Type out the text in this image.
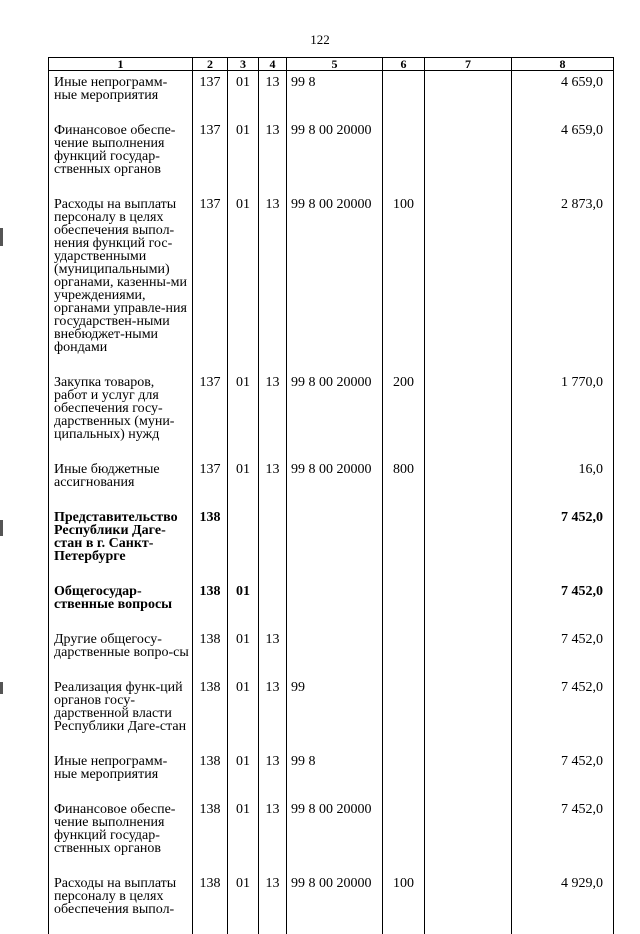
122
1	2	3	4	5	6	7	8
Иные непрограмм-ные мероприятия	137	01	13	99 8			4 659,0
Финансовое обеспе-чение выполнения функций государ-ственных органов	137	01	13	99 8 00 20000			4 659,0
Расходы на выплаты персоналу в целях обеспечения выпол-нения функций гос-ударственными (муниципальными) органами, казенны-ми учреждениями, органами управле-ния государствен-ными внебюджет-ными фондами	137	01	13	99 8 00 20000	100		2 873,0
Закупка товаров, работ и услуг для обеспечения госу-дарственных (муни-ципальных) нужд	137	01	13	99 8 00 20000	200		1 770,0
Иные бюджетные ассигнования	137	01	13	99 8 00 20000	800		16,0
Представительство Республики Даге-стан в г. Санкт-Петербурге	138						7 452,0
Общегосудар-ственные вопросы	138	01					7 452,0
Другие общегосу-дарственные вопро-сы	138	01	13				7 452,0
Реализация функ-ций органов госу-дарственной власти Республики Даге-стан	138	01	13	99			7 452,0
Иные непрограмм-ные мероприятия	138	01	13	99 8			7 452,0
Финансовое обеспе-чение выполнения функций государ-ственных органов	138	01	13	99 8 00 20000			7 452,0
Расходы на выплаты персоналу в целях обеспечения выпол-	138	01	13	99 8 00 20000	100		4 929,0
